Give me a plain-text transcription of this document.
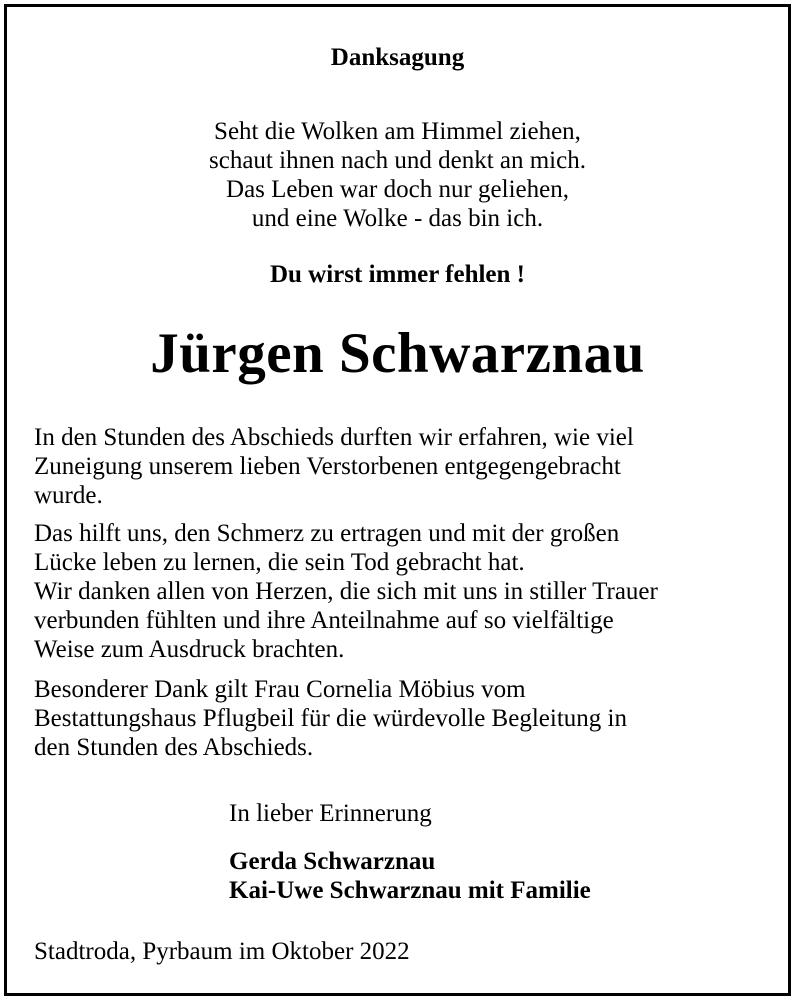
Danksagung
Seht die Wolken am Himmel ziehen,
schaut ihnen nach und denkt an mich.
Das Leben war doch nur geliehen,
und eine Wolke - das bin ich.
Du wirst immer fehlen !
Jürgen Schwarznau
In den Stunden des Abschieds durften wir erfahren, wie viel
Zuneigung unserem lieben Verstorbenen entgegengebracht
wurde.
Das hilft uns, den Schmerz zu ertragen und mit der großen
Lücke leben zu lernen, die sein Tod gebracht hat.
Wir danken allen von Herzen, die sich mit uns in stiller Trauer
verbunden fühlten und ihre Anteilnahme auf so vielfältige
Weise zum Ausdruck brachten.
Besonderer Dank gilt Frau Cornelia Möbius vom
Bestattungshaus Pflugbeil für die würdevolle Begleitung in
den Stunden des Abschieds.
In lieber Erinnerung
Gerda Schwarznau
Kai-Uwe Schwarznau mit Familie
Stadtroda, Pyrbaum im Oktober 2022
